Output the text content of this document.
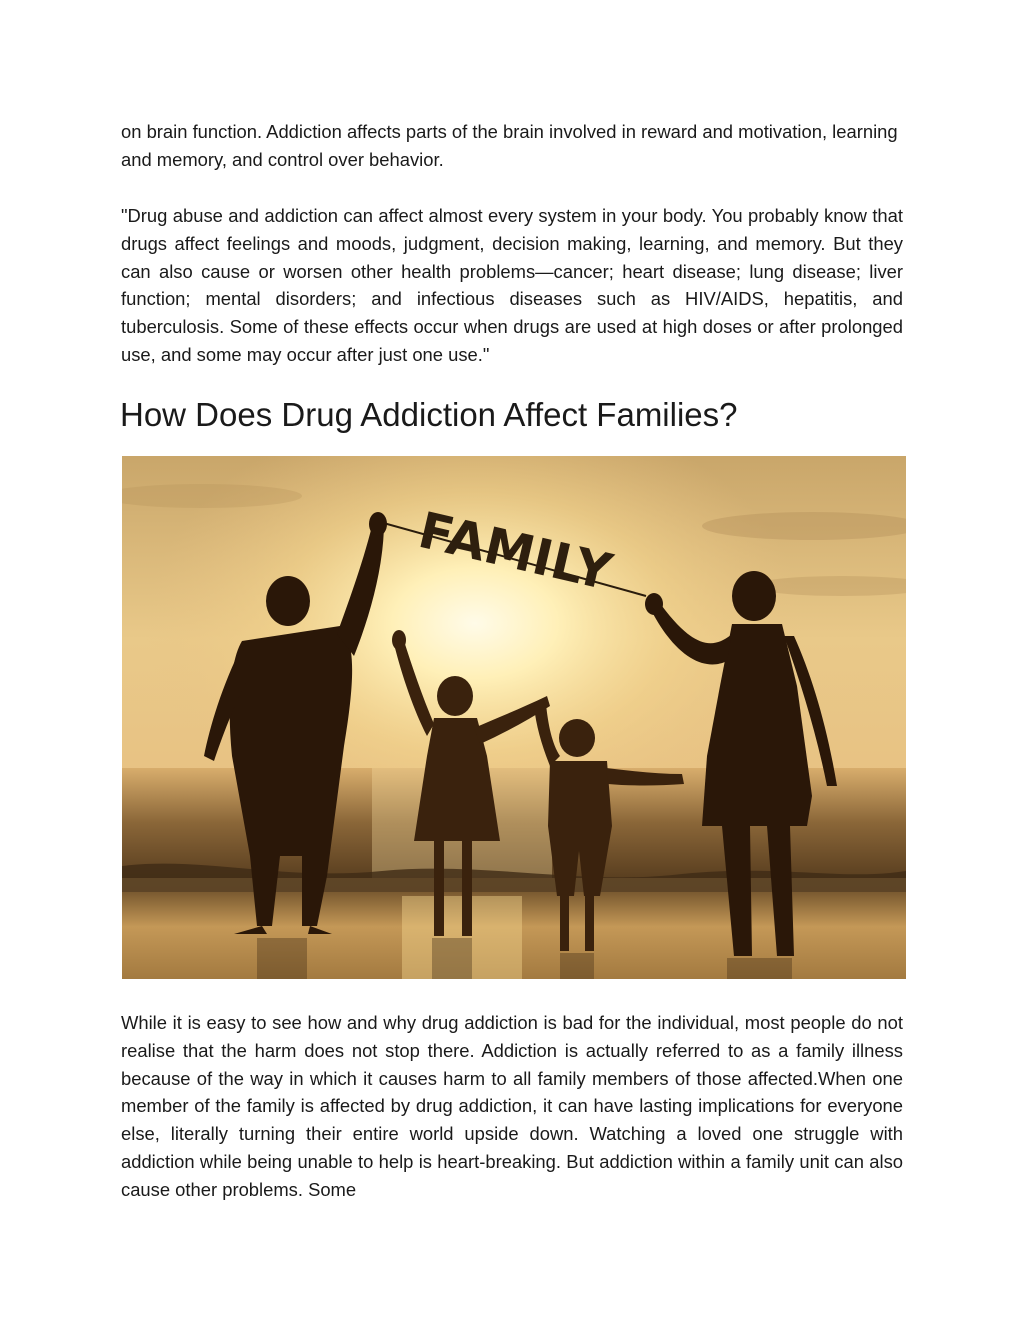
on brain function. Addiction affects parts of the brain involved in reward and motivation, learning and memory, and control over behavior.

"Drug abuse and addiction can affect almost every system in your body. You probably know that drugs affect feelings and moods, judgment, decision making, learning, and memory. But they can also cause or worsen other health problems—cancer; heart disease; lung disease; liver function; mental disorders; and infectious diseases such as HIV/AIDS, hepatitis, and tuberculosis. Some of these effects occur when drugs are used at high doses or after prolonged use, and some may occur after just one use."

How Does Drug Addiction Affect Families?
FAMILY

While it is easy to see how and why drug addiction is bad for the individual, most people do not realise that the harm does not stop there. Addiction is actually referred to as a family illness because of the way in which it causes harm to all family members of those affected.When one member of the family is affected by drug addiction, it can have lasting implications for everyone else, literally turning their entire world upside down. Watching a loved one struggle with addiction while being unable to help is heart-breaking. But addiction within a family unit can also cause other problems. Some
